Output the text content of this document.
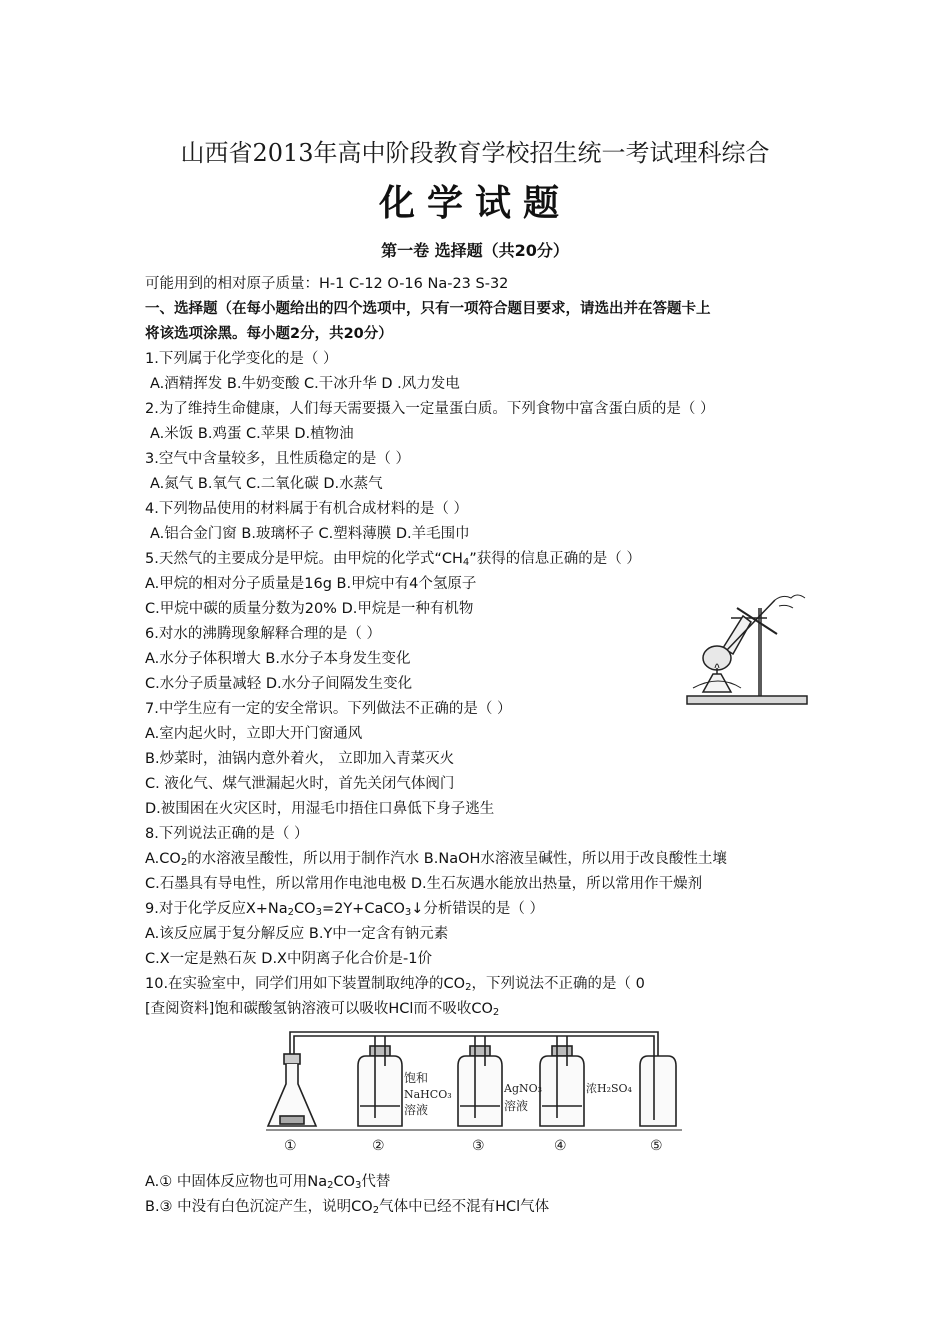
山西省2013年高中阶段教育学校招生统一考试理科综合
化学试题
第一卷 选择题（共20分）
可能用到的相对原子质量：H-1 C-12 O-16 Na-23 S-32
一、选择题（在每小题给出的四个选项中，只有一项符合题目要求，请选出并在答题卡上
将该选项涂黑。每小题2分，共20分）
1.下列属于化学变化的是（ ）
A.酒精挥发 B.牛奶变酸 C.干冰升华 D .风力发电
2.为了维持生命健康，人们每天需要摄入一定量蛋白质。下列食物中富含蛋白质的是（ ）
A.米饭 B.鸡蛋 C.苹果 D.植物油
3.空气中含量较多，且性质稳定的是（ ）
A.氮气 B.氧气 C.二氧化碳 D.水蒸气
4.下列物品使用的材料属于有机合成材料的是（ ）
A.铝合金门窗 B.玻璃杯子 C.塑料薄膜 D.羊毛围巾
5.天然气的主要成分是甲烷。由甲烷的化学式“$CH_4$”获得的信息正确的是（ ）
A.甲烷的相对分子质量是16g B.甲烷中有4个氢原子
C.甲烷中碳的质量分数为20% D.甲烷是一种有机物
6.对水的沸腾现象解释合理的是（ ）
A.水分子体积增大 B.水分子本身发生变化
C.水分子质量减轻 D.水分子间隔发生变化
7.中学生应有一定的安全常识。下列做法不正确的是（ ）
A.室内起火时，立即大开门窗通风
B.炒菜时，油锅内意外着火， 立即加入青菜灭火
C. 液化气、煤气泄漏起火时，首先关闭气体阀门
D.被围困在火灾区时，用湿毛巾捂住口鼻低下身子逃生
8.下列说法正确的是（ ）
$A.CO_2$的水溶液呈酸性，所以用于制作汽水 B.NaOH水溶液呈碱性，所以用于改良酸性土壤
C.石墨具有导电性，所以常用作电池电极 D.生石灰遇水能放出热量，所以常用作干燥剂
9.对于化学反应$X+Na_2CO_3=2Y+CaCO_3↓$分析错误的是（ ）
A.该反应属于复分解反应 B.Y中一定含有钠元素
C.X一定是熟石灰 D.X中阴离子化合价是-1价
10.在实验室中，同学们用如下装置制取纯净的$CO_2$，下列说法不正确的是（ 0
[查阅资料]饱和碳酸氢钠溶液可以吸收HCl而不吸收$CO_2$
A.① 中固体反应物也可用$Na_2CO_3$代替
B.③ 中没有白色沉淀产生，说明$CO_2$气体中已经不混有HCl气体
饱和
NaHCO₃
溶液
AgNO₃
溶液
浓H₂SO₄
①	②	③	④	⑤
